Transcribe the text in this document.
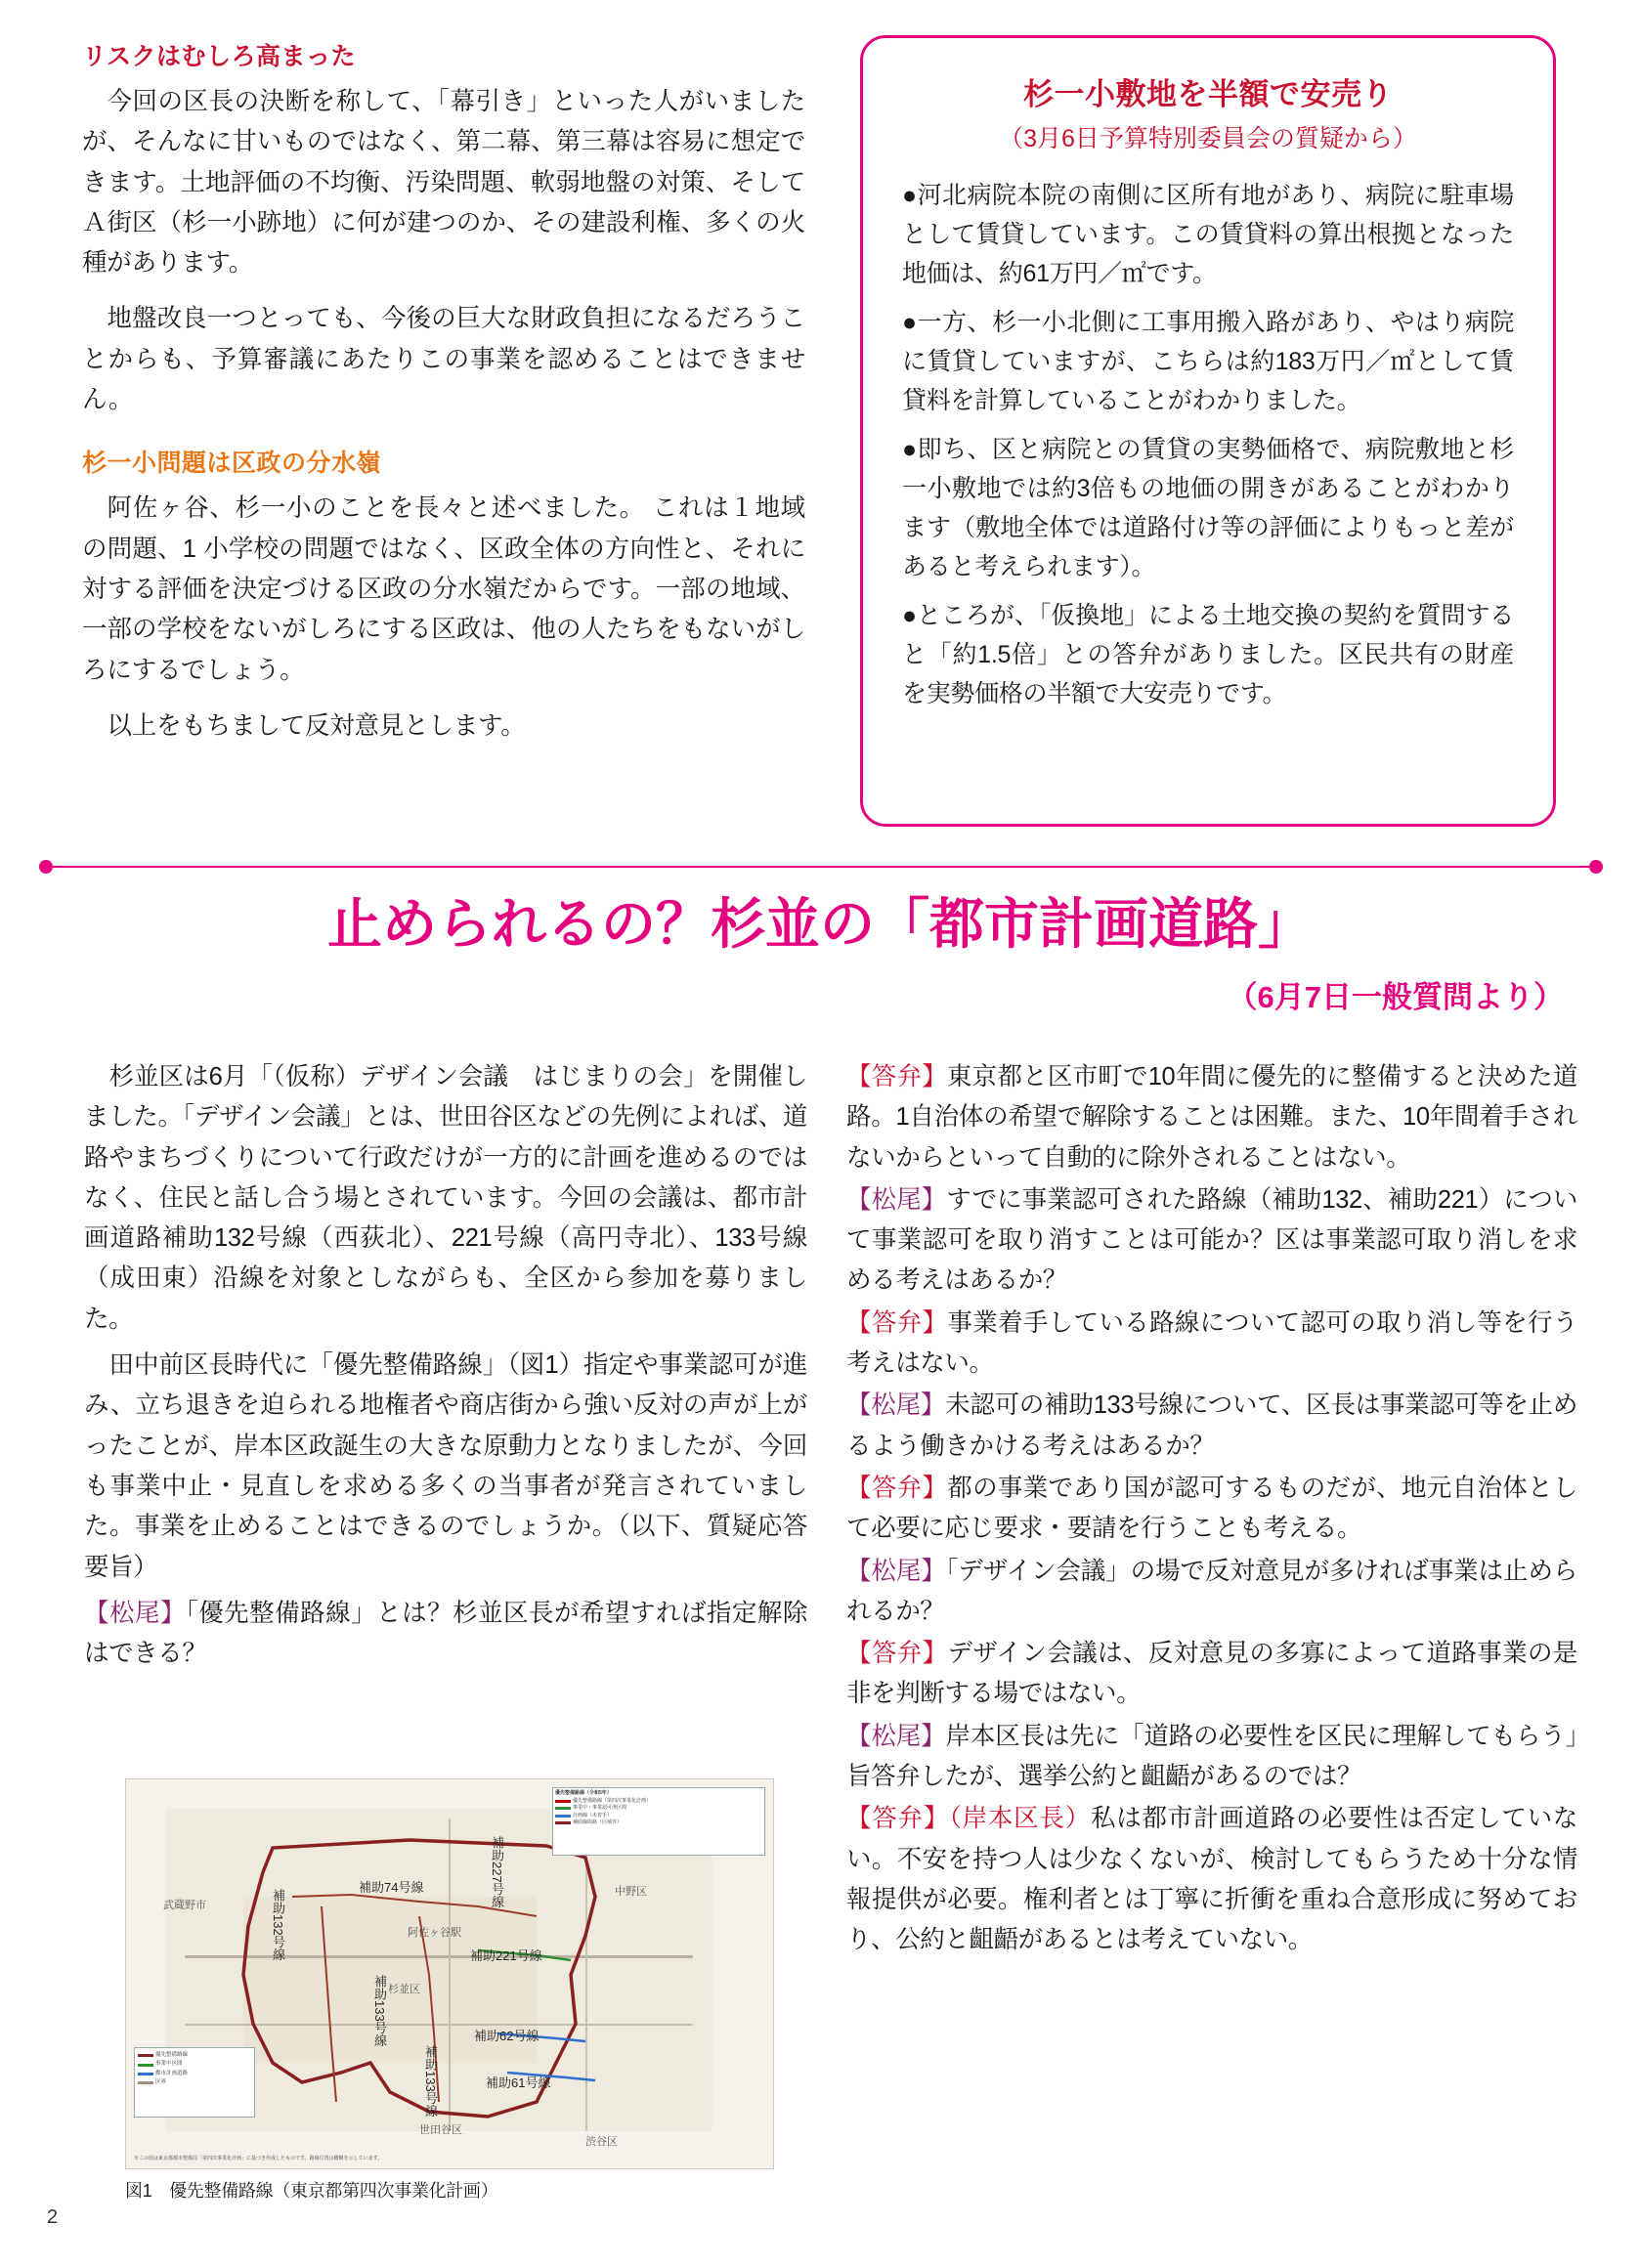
リスクはむしろ高まった

今回の区長の決断を称して、「幕引き」といった人がいましたが、そんなに甘いものではなく、第二幕、第三幕は容易に想定できます。土地評価の不均衡、汚染問題、軟弱地盤の対策、そしてＡ街区（杉一小跡地）に何が建つのか、その建設利権、多くの火種があります。

地盤改良一つとっても、今後の巨大な財政負担になるだろうことからも、予算審議にあたりこの事業を認めることはできません。

杉一小問題は区政の分水嶺

阿佐ヶ谷、杉一小のことを長々と述べました。 これは１地域の問題、1 小学校の問題ではなく、区政全体の方向性と、それに対する評価を決定づける区政の分水嶺だからです。一部の地域、一部の学校をないがしろにする区政は、他の人たちをもないがしろにするでしょう。

以上をもちまして反対意見とします。

杉一小敷地を半額で安売り
（3月6日予算特別委員会の質疑から）

●河北病院本院の南側に区所有地があり、病院に駐車場として賃貸しています。この賃貸料の算出根拠となった地価は、約61万円／㎡です。

●一方、杉一小北側に工事用搬入路があり、やはり病院に賃貸していますが、こちらは約183万円／㎡として賃貸料を計算していることがわかりました。

●即ち、区と病院との賃貸の実勢価格で、病院敷地と杉一小敷地では約3倍もの地価の開きがあることがわかります（敷地全体では道路付け等の評価によりもっと差があると考えられます）。

●ところが、「仮換地」による土地交換の契約を質問すると「約1.5倍」との答弁がありました。区民共有の財産を実勢価格の半額で大安売りです。

止められるの？杉並の「都市計画道路」
（6月7日一般質問より）

杉並区は6月「（仮称）デザイン会議　はじまりの会」を開催しました。「デザイン会議」とは、世田谷区などの先例によれば、道路やまちづくりについて行政だけが一方的に計画を進めるのではなく、住民と話し合う場とされています。今回の会議は、都市計画道路補助132号線（西荻北）、221号線（高円寺北）、133号線（成田東）沿線を対象としながらも、全区から参加を募りました。

田中前区長時代に「優先整備路線」（図1）指定や事業認可が進み、立ち退きを迫られる地権者や商店街から強い反対の声が上がったことが、岸本区政誕生の大きな原動力となりましたが、今回も事業中止・見直しを求める多くの当事者が発言されていました。事業を止めることはできるのでしょうか。（以下、質疑応答要旨）

【松尾】「優先整備路線」とは？杉並区長が希望すれば指定解除はできる？

【答弁】東京都と区市町で10年間に優先的に整備すると決めた道路。1自治体の希望で解除することは困難。また、10年間着手されないからといって自動的に除外されることはない。

【松尾】すでに事業認可された路線（補助132、補助221）について事業認可を取り消すことは可能か？区は事業認可取り消しを求める考えはあるか？

【答弁】事業着手している路線について認可の取り消し等を行う考えはない。

【松尾】未認可の補助133号線について、区長は事業認可等を止めるよう働きかける考えはあるか？

【答弁】都の事業であり国が認可するものだが、地元自治体として必要に応じ要求・要請を行うことも考える。

【松尾】「デザイン会議」の場で反対意見が多ければ事業は止められるか？

【答弁】デザイン会議は、反対意見の多寡によって道路事業の是非を判断する場ではない。

【松尾】岸本区長は先に「道路の必要性を区民に理解してもらう」旨答弁したが、選挙公約と齟齬があるのでは？

【答弁】（岸本区長）私は都市計画道路の必要性は否定していない。不安を持つ人は少なくないが、検討してもらうため十分な情報提供が必要。権利者とは丁寧に折衝を重ね合意形成に努めており、公約と齟齬があるとは考えていない。

優先整備路線（令和5年）
優先整備路線（第四次事業化計画）
事業中・事業認可済区間
計画線（未着手）
補助線街路（区域外）
優先整備路線
事業中区間
都市計画道路
区界
※この図は東京都都市整備局「第四次事業化計画」に基づき作成したものです。路線位置は概略を示しています。
補助74号線
補助132号線
補助227号線
補助221号線
補助133号線	補助62号線
補助61号線
補助133号線
武蔵野市
中野区
阿佐ヶ谷駅
杉並区
世田谷区
渋谷区
図1　優先整備路線（東京都第四次事業化計画）
2
